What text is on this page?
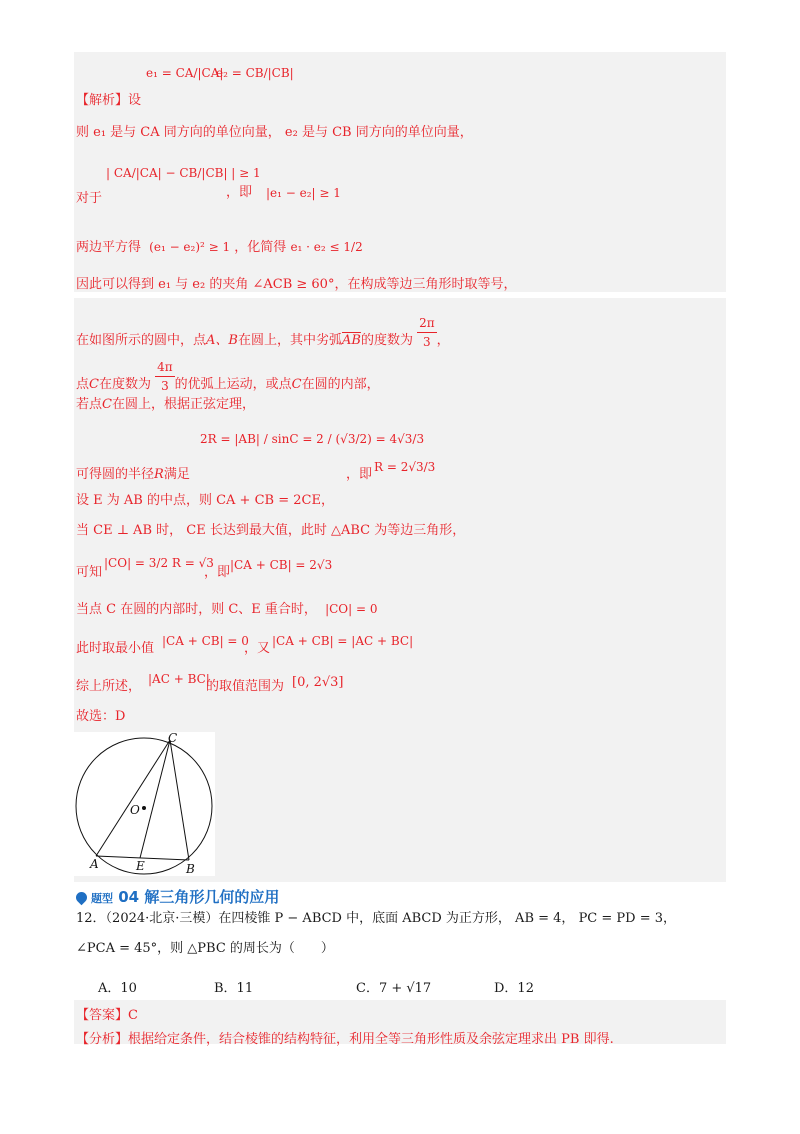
【解析】设
e₁ = CA/|CA|
e₂ = CB/|CB|
则 e₁ 是与 CA 同方向的单位向量， e₂ 是与 CB 同方向的单位向量，
对于
| CA/|CA| − CB/|CB| | ≥ 1
，即 |e₁ − e₂| ≥ 1
两边平方得 (e₁ − e₂)² ≥ 1 ，化简得 e₁ · e₂ ≤ 1/2
因此可以得到 e₁ 与 e₂ 的夹角 ∠ACB ≥ 60°，在构成等边三角形时取等号，
在如图所示的圆中，点A、B在圆上，其中劣弧$\overline{AB}$的度数为 $\frac{2\pi}{3}$ ，
点C在度数为 $\frac{4\pi}{3}$ 的优弧上运动，或点C在圆的内部，
若点C在圆上，根据正弦定理，
可得圆的半径R满足
2R = |AB| / sinC = 2 / (√3/2) = 4√3/3
，即 R = 2√3/3
设 E 为 AB 的中点，则 CA + CB = 2CE，
当 CE ⊥ AB 时， CE 长达到最大值，此时 △ABC 为等边三角形，
可知
|CO| = 3/2 R = √3
，即 |CA + CB| = 2√3
当点 C 在圆的内部时，则 C、E 重合时， |CO| = 0
此时取最小值 |CA + CB| = 0
，又 |CA + CB| = |AC + BC|
综上所述， |AC + BC|
的取值范围为 [0, 2√3]
故选：D
C
O
A	E	B
题型 04 解三角形几何的应用
12．（2024·北京·三模）在四棱锥 P − ABCD 中，底面 ABCD 为正方形， AB = 4， PC = PD = 3，
∠PCA = 45°，则 △PBC 的周长为（　　）
A．10	B．11	C．7 + √17	D．12
【答案】C
【分析】根据给定条件，结合棱锥的结构特征，利用全等三角形性质及余弦定理求出 PB 即得.
